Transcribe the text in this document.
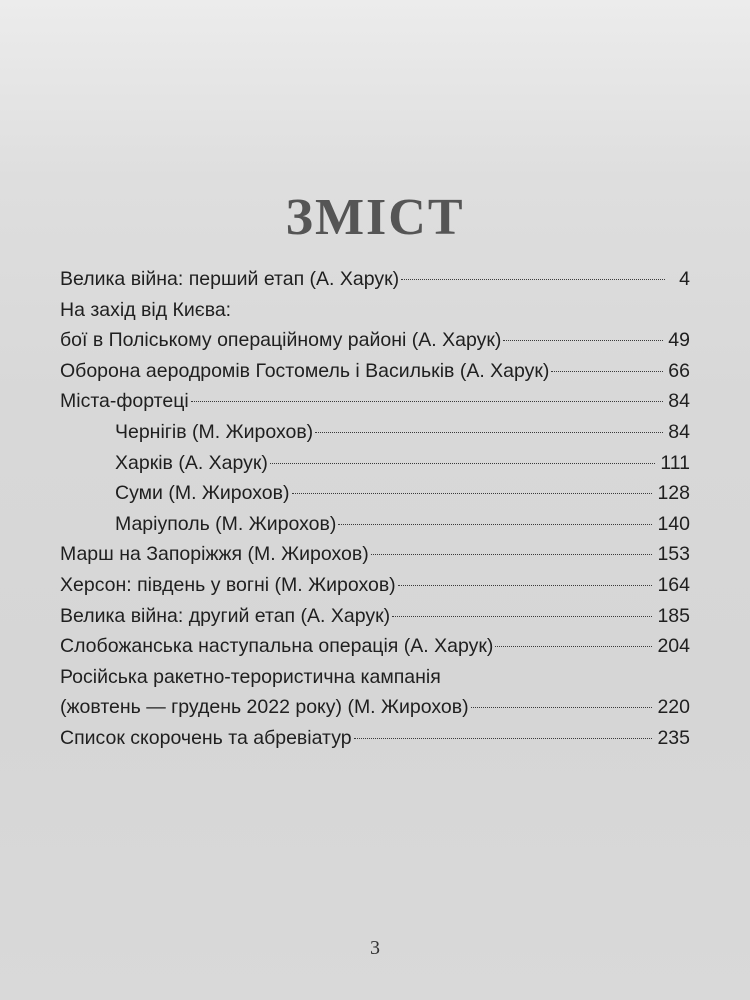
ЗМІСТ
Велика війна: перший етап (А. Харук)	4
На захід від Києва:
бої в Поліському операційному районі (А. Харук)	49
Оборона аеродромів Гостомель і Васильків (А. Харук)	66
Міста-фортеці	84
Чернігів (М. Жирохов)	84
Харків (А. Харук)	111
Суми (М. Жирохов)	128
Маріуполь (М. Жирохов)	140
Марш на Запоріжжя (М. Жирохов)	153
Херсон: південь у вогні (М. Жирохов)	164
Велика війна: другий етап (А. Харук)	185
Слобожанська наступальна операція (А. Харук)	204
Російська ракетно-терористична кампанія
(жовтень — грудень 2022 року) (М. Жирохов)	220
Список скорочень та абревіатур	235
3
